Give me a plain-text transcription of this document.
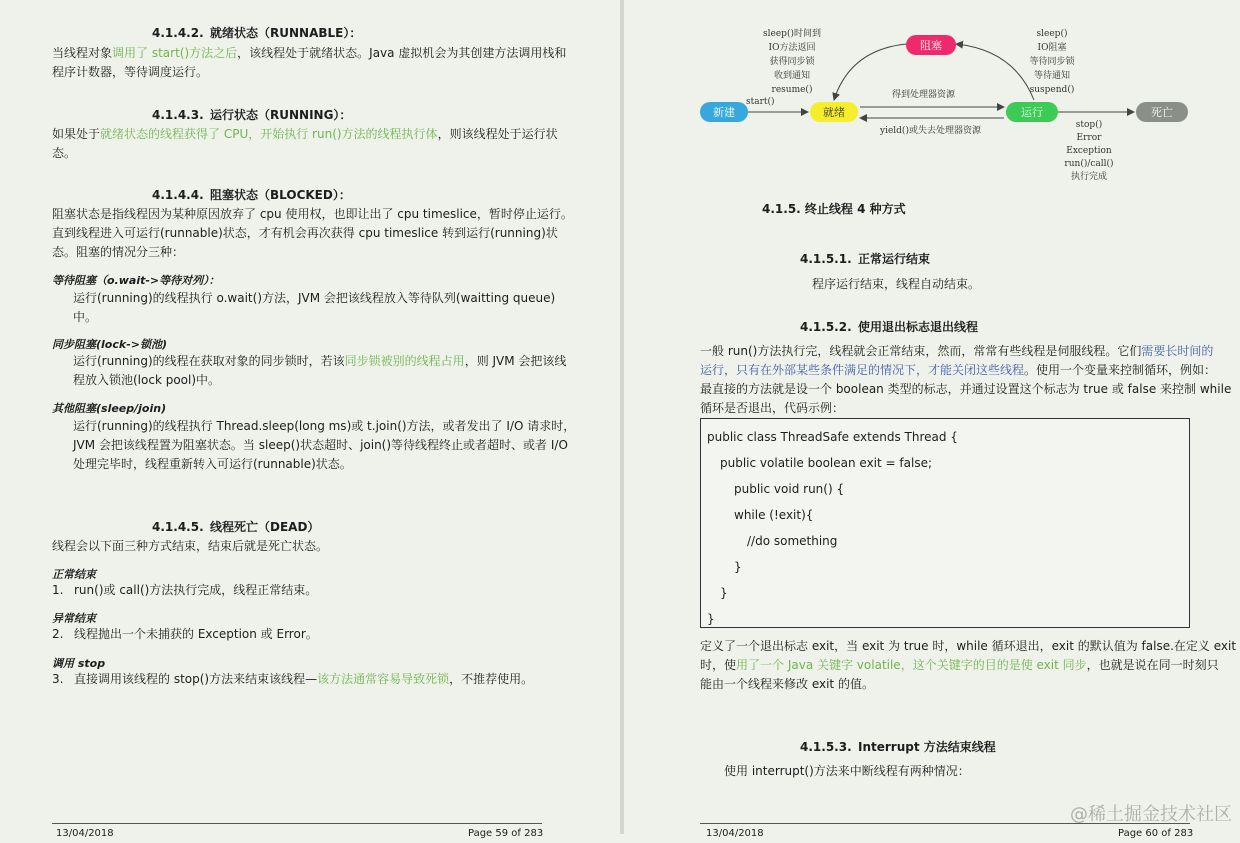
4.1.4.2. 就绪状态（RUNNABLE）：
当线程对象调用了 start()方法之后，该线程处于就绪状态。Java 虚拟机会为其创建方法调用栈和
程序计数器，等待调度运行。
4.1.4.3. 运行状态（RUNNING）：
如果处于就绪状态的线程获得了 CPU，开始执行 run()方法的线程执行体，则该线程处于运行状
态。
4.1.4.4. 阻塞状态（BLOCKED）：
阻塞状态是指线程因为某种原因放弃了 cpu 使用权，也即让出了 cpu timeslice，暂时停止运行。
直到线程进入可运行(runnable)状态，才有机会再次获得 cpu timeslice 转到运行(running)状
态。阻塞的情况分三种：
等待阻塞（o.wait->等待对列）：
运行(running)的线程执行 o.wait()方法，JVM 会把该线程放入等待队列(waitting queue)
中。
同步阻塞(lock->锁池)
运行(running)的线程在获取对象的同步锁时，若该同步锁被别的线程占用，则 JVM 会把该线
程放入锁池(lock pool)中。
其他阻塞(sleep/join)
运行(running)的线程执行 Thread.sleep(long ms)或 t.join()方法，或者发出了 I/O 请求时，
JVM 会把该线程置为阻塞状态。当 sleep()状态超时、join()等待线程终止或者超时、或者 I/O
处理完毕时，线程重新转入可运行(runnable)状态。
4.1.4.5. 线程死亡（DEAD）
线程会以下面三种方式结束，结束后就是死亡状态。
正常结束
1. run()或 call()方法执行完成，线程正常结束。
异常结束
2. 线程抛出一个未捕获的 Exception 或 Error。
调用 stop
3. 直接调用该线程的 stop()方法来结束该线程—该方法通常容易导致死锁，不推荐使用。
13/04/2018	Page 59 of 283
新建	就绪	运行
阻塞
死亡
start()
得到处理器资源
yield()或失去处理器资源
sleep()时间到
IO方法返回
获得同步锁
收到通知
resume()
sleep()
IO阻塞
等待同步锁
等待通知
suspend()
stop()
Error
Exception
run()/call()
执行完成
4.1.5. 终止线程 4 种方式
4.1.5.1. 正常运行结束
程序运行结束，线程自动结束。
4.1.5.2. 使用退出标志退出线程
一般 run()方法执行完，线程就会正常结束，然而，常常有些线程是伺服线程。它们需要长时间的
运行，只有在外部某些条件满足的情况下，才能关闭这些线程。使用一个变量来控制循环，例如：
最直接的方法就是设一个 boolean 类型的标志，并通过设置这个标志为 true 或 false 来控制 while
循环是否退出，代码示例：
public class ThreadSafe extends Thread {
public volatile boolean exit = false;
public void run() {
while (!exit){
//do something
}
}
}
定义了一个退出标志 exit，当 exit 为 true 时，while 循环退出，exit 的默认值为 false.在定义 exit
时，使用了一个 Java 关键字 volatile，这个关键字的目的是使 exit 同步，也就是说在同一时刻只
能由一个线程来修改 exit 的值。
4.1.5.3. Interrupt 方法结束线程
使用 interrupt()方法来中断线程有两种情况：
13/04/2018	Page 60 of 283
@稀土掘金技术社区
